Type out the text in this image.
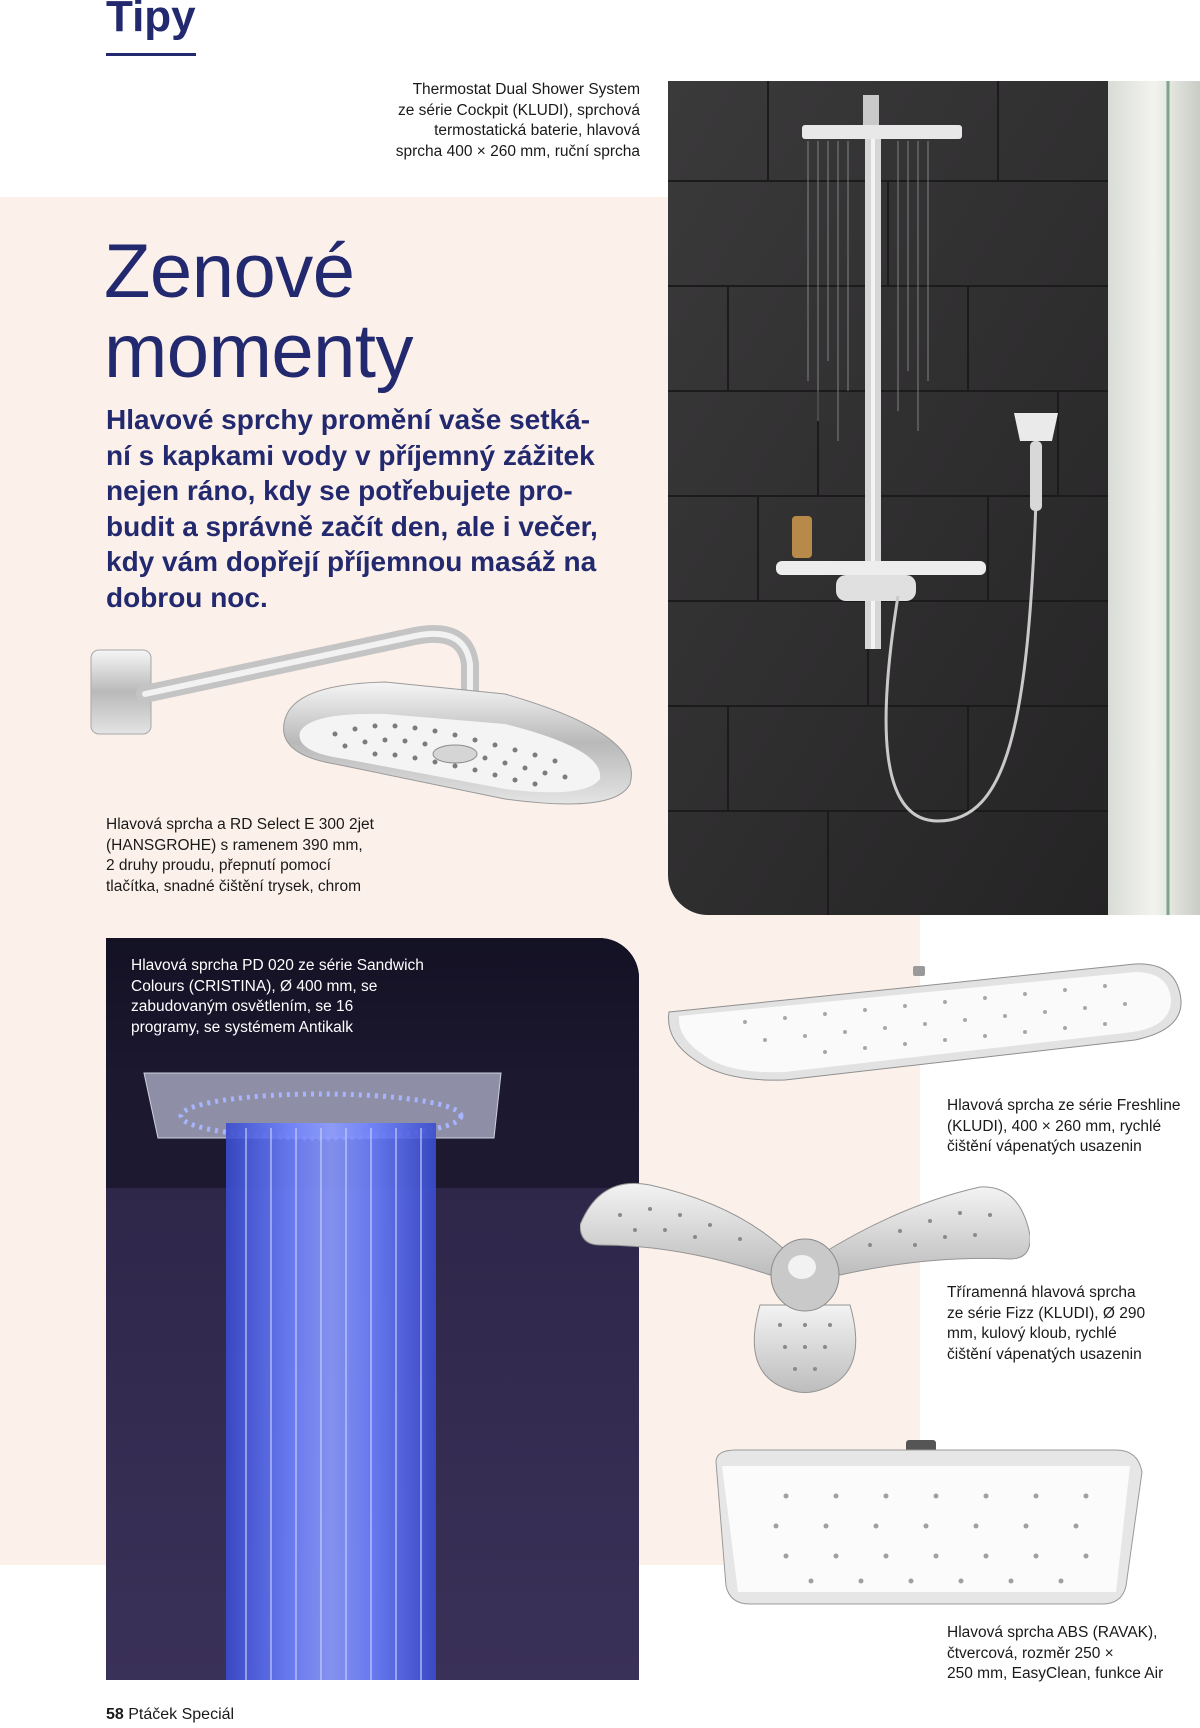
Tipy

Thermostat Dual Shower System
ze série Cockpit (KLUDI), sprchová
termostatická baterie, hlavová
sprcha 400 × 260 mm, ruční sprcha

Zenové
momenty

Hlavové sprchy promění vaše setká-
ní s kapkami vody v příjemný zážitek
nejen ráno, kdy se potřebujete pro-
budit a správně začít den, ale i večer,
kdy vám dopřejí příjemnou masáž na
dobrou noc.

Hlavová sprcha a RD Select E 300 2jet
(HANSGROHE) s ramenem 390 mm,
2 druhy proudu, přepnutí pomocí
tlačítka, snadné čištění trysek, chrom

Hlavová sprcha PD 020 ze série Sandwich
Colours (CRISTINA), Ø 400 mm, se
zabudovaným osvětlením, se 16
programy, se systémem Antikalk

Hlavová sprcha ze série Freshline
(KLUDI), 400 × 260 mm, rychlé
čištění vápenatých usazenin

Tříramenná hlavová sprcha
ze série Fizz (KLUDI), Ø 290
mm, kulový kloub, rychlé
čištění vápenatých usazenin

Hlavová sprcha ABS (RAVAK),
čtvercová, rozměr 250 ×
250 mm, EasyClean, funkce Air

58 Ptáček Speciál
